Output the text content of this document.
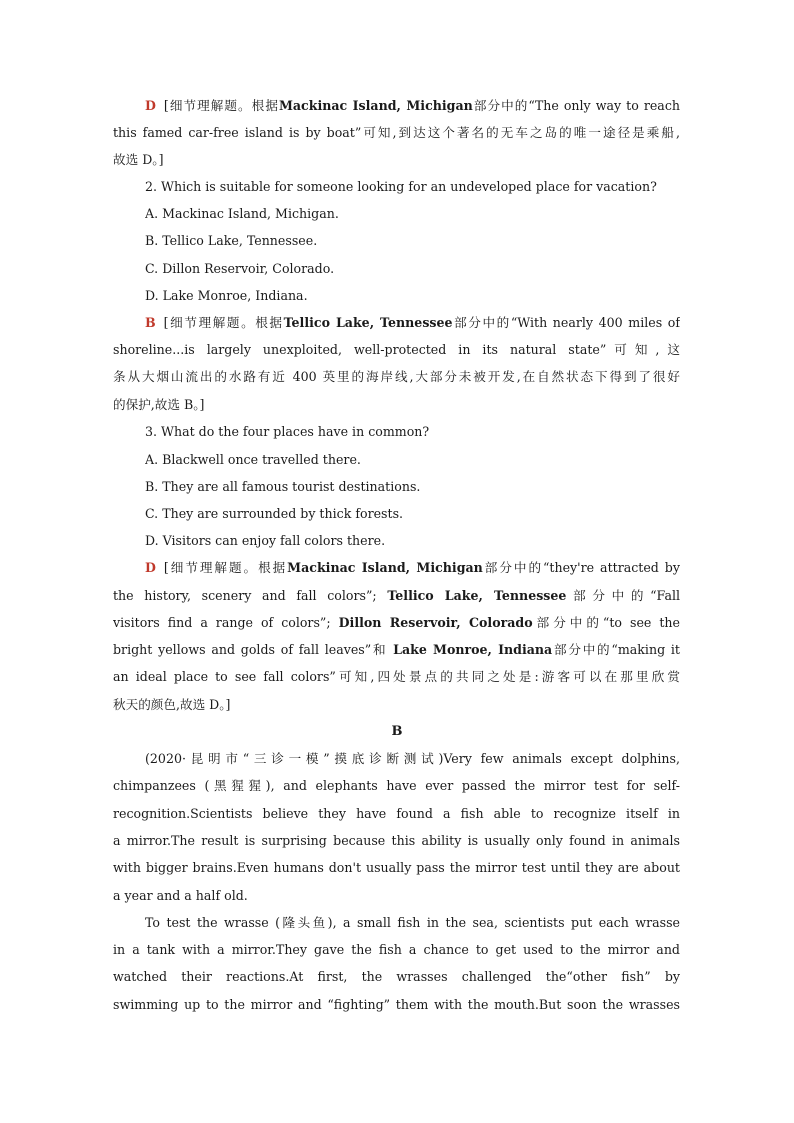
D [细节理解题。根据Mackinac Island, Michigan部分中的“The only way to reach
this famed car-free island is by boat”可知,到达这个著名的无车之岛的唯一途径是乘船,
故选 D。]
2. Which is suitable for someone looking for an undeveloped place for vacation?
A. Mackinac Island, Michigan.
B. Tellico Lake, Tennessee.
C. Dillon Reservoir, Colorado.
D. Lake Monroe, Indiana.
B [细节理解题。根据Tellico Lake, Tennessee部分中的“With nearly 400 miles of
shoreline...is largely unexploited, well-protected in its natural state”可知,这
条从大烟山流出的水路有近 400 英里的海岸线,大部分未被开发,在自然状态下得到了很好
的保护,故选 B。]
3. What do the four places have in common?
A. Blackwell once travelled there.
B. They are all famous tourist destinations.
C. They are surrounded by thick forests.
D. Visitors can enjoy fall colors there.
D [细节理解题。根据Mackinac Island, Michigan部分中的“they're attracted by
the history, scenery and fall colors”; Tellico Lake, Tennessee部分中的“Fall
visitors find a range of colors”; Dillon Reservoir, Colorado部分中的“to see the
bright yellows and golds of fall leaves”和 Lake Monroe, Indiana部分中的“making it
an ideal place to see fall colors”可知,四处景点的共同之处是:游客可以在那里欣赏
秋天的颜色,故选 D。]
B
(2020·昆明市“三诊一模”摸底诊断测试)Very few animals except dolphins,
chimpanzees (黑猩猩), and elephants have ever passed the mirror test for self-
recognition.Scientists believe they have found a fish able to recognize itself in
a mirror.The result is surprising because this ability is usually only found in animals
with bigger brains.Even humans don't usually pass the mirror test until they are about
a year and a half old.
To test the wrasse (隆头鱼), a small fish in the sea, scientists put each wrasse
in a tank with a mirror.They gave the fish a chance to get used to the mirror and
watched their reactions.At first, the wrasses challenged the“other fish” by
swimming up to the mirror and “fighting” them with the mouth.But soon the wrasses
